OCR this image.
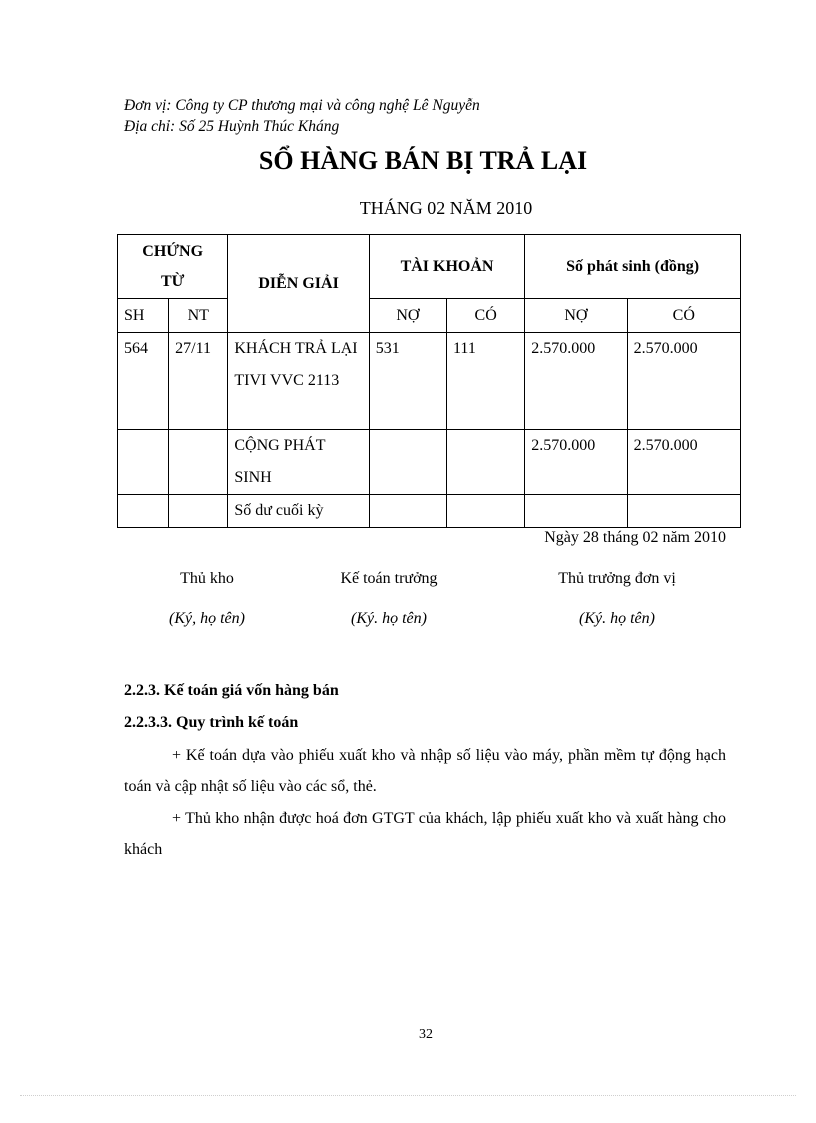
Đơn vị: Công ty CP thương mại và công nghệ Lê Nguyễn
Địa chỉ: Số 25 Huỳnh Thúc Kháng
SỔ HÀNG BÁN BỊ TRẢ LẠI
THÁNG 02 NĂM 2010
CHỨNG TỪ		DIỄN GIẢI	TÀI KHOẢN		Số phát sinh (đồng)	
SH	NT		NỢ	CÓ	NỢ	CÓ
564	27/11	KHÁCH TRẢ LẠI TIVI VVC 2113	531	111	2.570.000	2.570.000
		CỘNG PHÁT SINH			2.570.000	2.570.000
		Số dư cuối kỳ				
Ngày 28 tháng 02 năm 2010
Thủ kho	Kế toán trưởng	Thủ trưởng đơn vị
(Ký, họ tên)	(Ký. họ tên)	(Ký. họ tên)
2.2.3. Kế toán giá vốn hàng bán
2.2.3.3. Quy trình kế toán
+ Kế toán dựa vào phiếu xuất kho và nhập số liệu vào máy, phần mềm tự động hạch toán và cập nhật số liệu vào các sổ, thẻ.
+ Thủ kho nhận được hoá đơn GTGT của khách, lập phiếu xuất kho và xuất hàng cho khách
32
